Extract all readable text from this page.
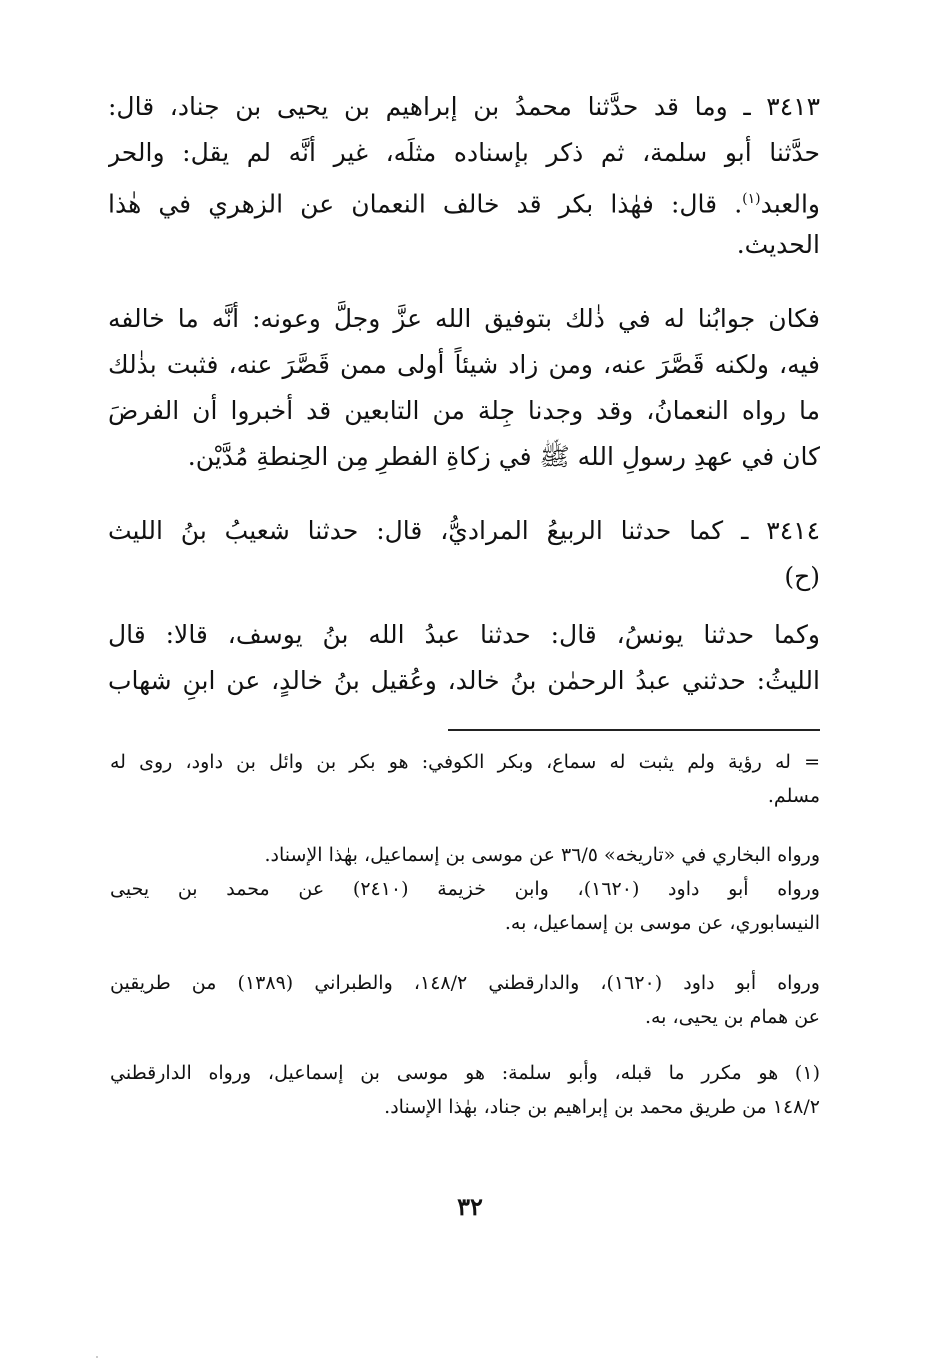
٣٤١٣ ـ وما قد حدَّثنا محمدُ بن إبراهيم بن يحيى بن جناد، قال:
حدَّثنا أبو سلمة، ثم ذكر بإسناده مثلَه، غير أنَّه لم يقل: والحر
والعبد$^{(١)}$. قال: فهٰذا بكر قد خالف النعمان عن الزهري في هٰذا
الحديث.
فكان جوابُنا له في ذٰلك بتوفيق الله عزَّ وجلَّ وعونه: أنَّه ما خالفه
فيه، ولكنه قَصَّرَ عنه، ومن زاد شيئاً أولى ممن قَصَّرَ عنه، فثبت بذٰلك
ما رواه النعمانُ، وقد وجدنا جِلة من التابعين قد أخبروا أن الفرضَ
كان في عهدِ رسولِ الله ﷺ في زكاةِ الفطرِ مِن الحِنطةِ مُدَّيْن.
٣٤١٤ ـ كما حدثنا الربيعُ المراديُّ، قال: حدثنا شعيبُ بنُ الليث
(ح)
وكما حدثنا يونسُ، قال: حدثنا عبدُ الله بنُ يوسف، قالا: قال
الليثُ: حدثني عبدُ الرحمٰن بنُ خالد، وعُقيل بنُ خالدٍ، عن ابنِ شهاب
= له رؤية ولم يثبت له سماع، وبكر الكوفي: هو بكر بن وائل بن داود، روى له
مسلم.
ورواه البخاري في «تاريخه» ٣٦/٥ عن موسى بن إسماعيل، بهٰذا الإسناد.
ورواه أبو داود (١٦٢٠)، وابن خزيمة (٢٤١٠) عن محمد بن يحيى
النيسابوري، عن موسى بن إسماعيل، به.
ورواه أبو داود (١٦٢٠)، والدارقطني ١٤٨/٢، والطبراني (١٣٨٩) من طريقين
عن همام بن يحيى، به.
(١) هو مكرر ما قبله، وأبو سلمة: هو موسى بن إسماعيل، ورواه الدارقطني
١٤٨/٢ من طريق محمد بن إبراهيم بن جناد، بهٰذا الإسناد.
٣٢
